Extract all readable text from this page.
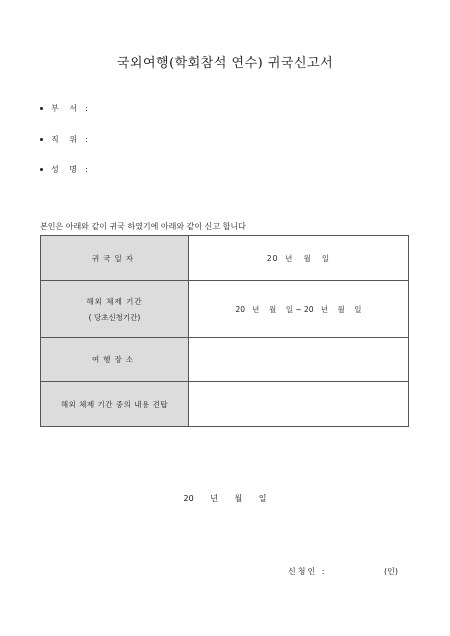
국외여행(학회참석 연수) 귀국신고서
부 서 :
직 위 :
성 명 :
본인은 아래와 같이 귀국 하였기에 아래와 같이 신고 합니다
귀국일자	20  년   월   일

해외 체제 기간
( 당초신청기간)	20   년    월    일 ~ 20   년    월    일
여행장소	
해외 체제 기간 중의 내용 견탑	
20 년 월 일
신청인 :	(인)
